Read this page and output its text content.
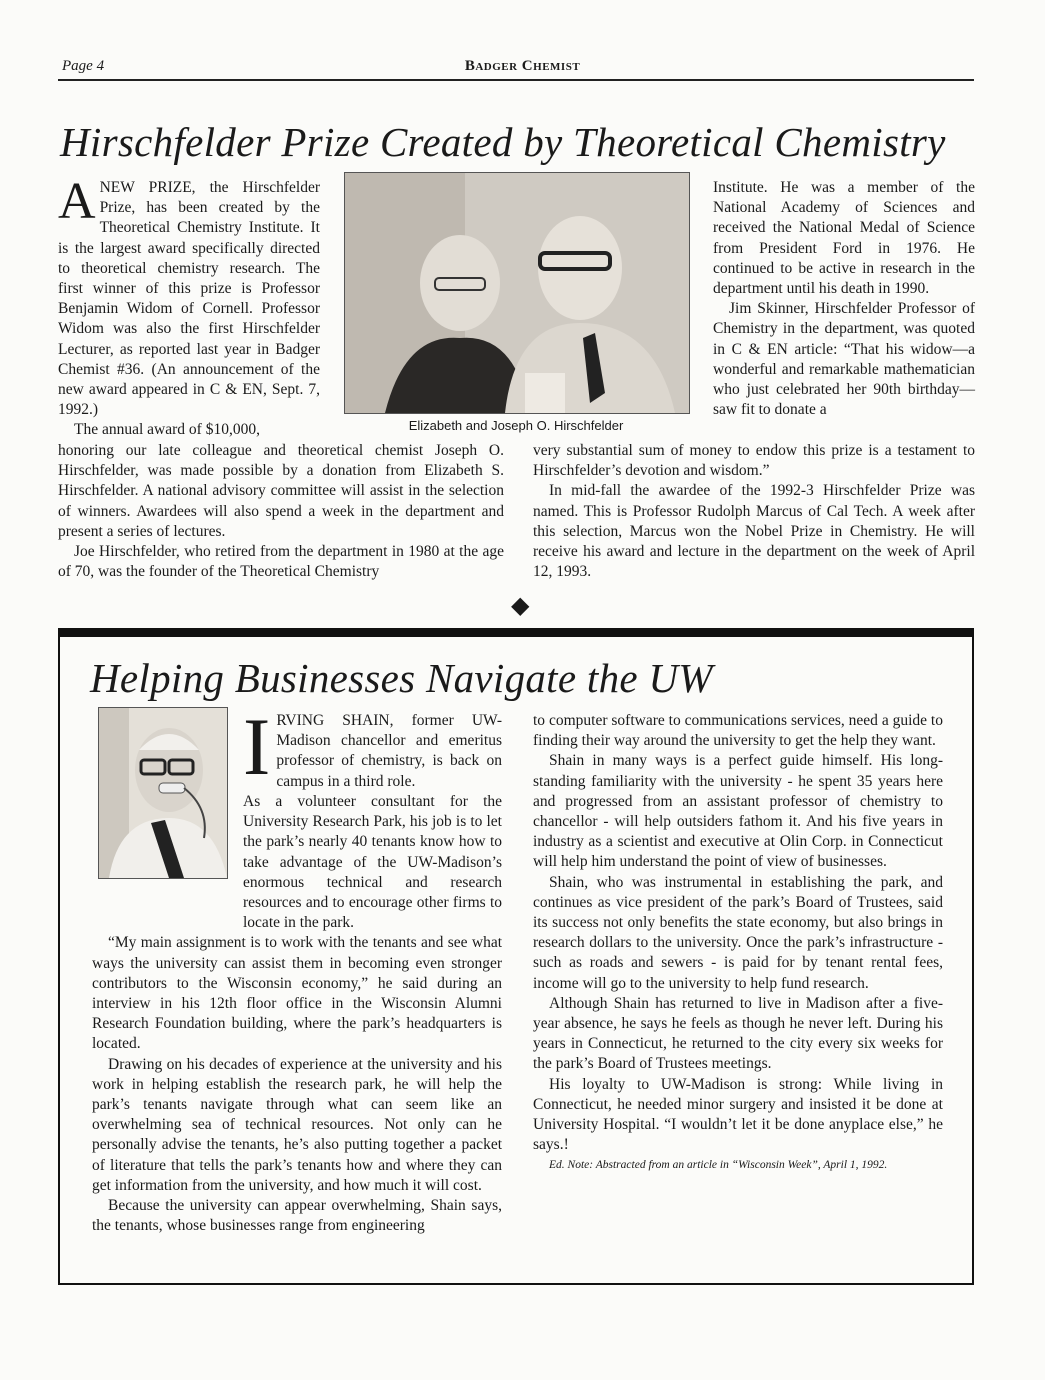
Page 4	Badger Chemist
Hirschfelder Prize Created by Theoretical Chemistry

ANEW PRIZE, the Hirschfelder Prize, has been created by the Theoretical Chemistry Institute. It is the largest award specifically directed to theoretical chemistry research. The first winner of this prize is Professor Benjamin Widom of Cornell. Professor Widom was also the first Hirschfelder Lecturer, as reported last year in Badger Chemist #36. (An announcement of the new award appeared in C & EN, Sept. 7, 1992.)

The annual award of $10,000,	Elizabeth and Joseph O. Hirschfelder

honoring our late colleague and theoretical chemist Joseph O. Hirschfelder, was made possible by a donation from Elizabeth S. Hirschfelder. A national advisory committee will assist in the selection of winners. Awardees will also spend a week in the department and present a series of lectures.

Joe Hirschfelder, who retired from the department in 1980 at the age of 70, was the founder of the Theoretical Chemistry

Institute. He was a member of the National Academy of Sciences and received the National Medal of Science from President Ford in 1976. He continued to be active in research in the department until his death in 1990.

Jim Skinner, Hirschfelder Professor of Chemistry in the department, was quoted in C & EN article: “That his widow—a wonderful and remarkable mathematician who just celebrated her 90th birthday—saw fit to donate a

very substantial sum of money to endow this prize is a testament to Hirschfelder’s devotion and wisdom.”

In mid-fall the awardee of the 1992-3 Hirschfelder Prize was named. This is Professor Rudolph Marcus of Cal Tech. A week after this selection, Marcus won the Nobel Prize in Chemistry. He will receive his award and lecture in the department on the week of April 12, 1993.

◆
Helping Businesses Navigate the UW

IRVING SHAIN, former UW-Madison chancellor and emeritus professor of chemistry, is back on campus in a third role.

As a volunteer consultant for the University Research Park, his job is to let the park’s nearly 40 tenants know how to take advantage of the UW-Madison’s enormous technical and research resources and to encourage other firms to locate in the park.

“My main assignment is to work with the tenants and see what ways the university can assist them in becoming even stronger contributors to the Wisconsin economy,” he said during an interview in his 12th floor office in the Wisconsin Alumni Research Foundation building, where the park’s headquarters is located.

Drawing on his decades of experience at the university and his work in helping establish the research park, he will help the park’s tenants navigate through what can seem like an overwhelming sea of technical resources. Not only can he personally advise the tenants, he’s also putting together a packet of literature that tells the park’s tenants how and where they can get information from the university, and how much it will cost.

Because the university can appear overwhelming, Shain says, the tenants, whose businesses range from engineering

to computer software to communications services, need a guide to finding their way around the university to get the help they want.

Shain in many ways is a perfect guide himself. His long-standing familiarity with the university - he spent 35 years here and progressed from an assistant professor of chemistry to chancellor - will help outsiders fathom it. And his five years in industry as a scientist and executive at Olin Corp. in Connecticut will help him understand the point of view of businesses.

Shain, who was instrumental in establishing the park, and continues as vice president of the park’s Board of Trustees, said its success not only benefits the state economy, but also brings in research dollars to the university. Once the park’s infrastructure - such as roads and sewers - is paid for by tenant rental fees, income will go to the university to help fund research.

Although Shain has returned to live in Madison after a five-year absence, he says he feels as though he never left. During his years in Connecticut, he returned to the city every six weeks for the park’s Board of Trustees meetings.

His loyalty to UW-Madison is strong: While living in Connecticut, he needed minor surgery and insisted it be done at University Hospital. “I wouldn’t let it be done anyplace else,” he says.!

Ed. Note: Abstracted from an article in “Wisconsin Week”, April 1, 1992.
